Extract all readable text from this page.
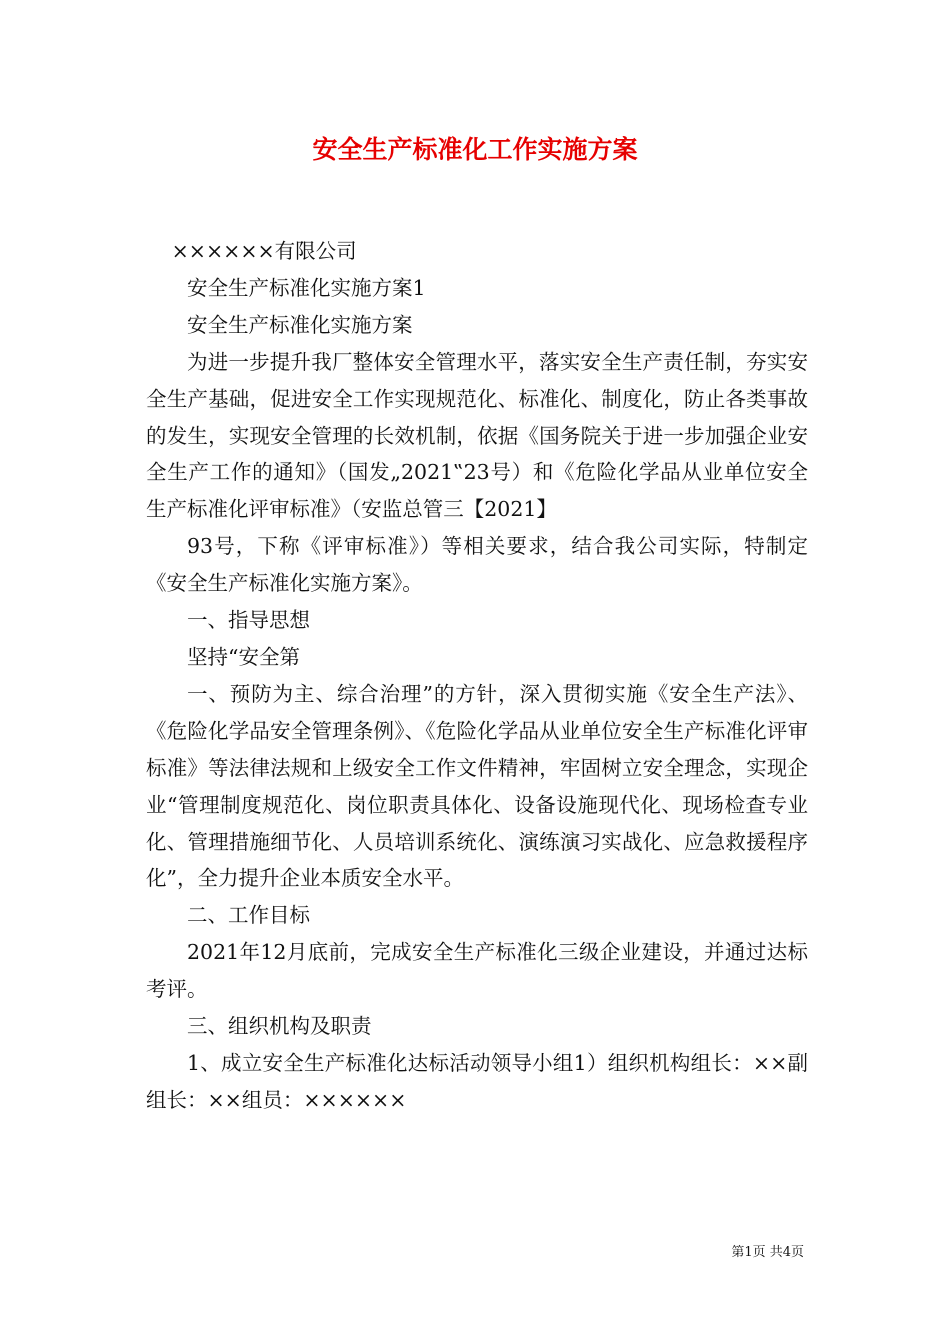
安全生产标准化工作实施方案

××××××有限公司

安全生产标准化实施方案1

安全生产标准化实施方案

为进一步提升我厂整体安全管理水平，落实安全生产责任制，夯实安全生产基础，促进安全工作实现规范化、标准化、制度化，防止各类事故的发生，实现安全管理的长效机制，依据《国务院关于进一步加强企业安全生产工作的通知》（国发„2021‟23号）和《危险化学品从业单位安全生产标准化评审标准》（安监总管三【2021】

93号，下称《评审标准》）等相关要求，结合我公司实际，特制定《安全生产标准化实施方案》。

一、指导思想

坚持“安全第

一、预防为主、综合治理”的方针，深入贯彻实施《安全生产法》、《危险化学品安全管理条例》、《危险化学品从业单位安全生产标准化评审标准》等法律法规和上级安全工作文件精神，牢固树立安全理念，实现企业“管理制度规范化、岗位职责具体化、设备设施现代化、现场检查专业化、管理措施细节化、人员培训系统化、演练演习实战化、应急救援程序化”，全力提升企业本质安全水平。

二、工作目标

2021年12月底前，完成安全生产标准化三级企业建设，并通过达标考评。

三、组织机构及职责

1、成立安全生产标准化达标活动领导小组1）组织机构组长：××副组长：××组员：××××××

第1页 共4页
